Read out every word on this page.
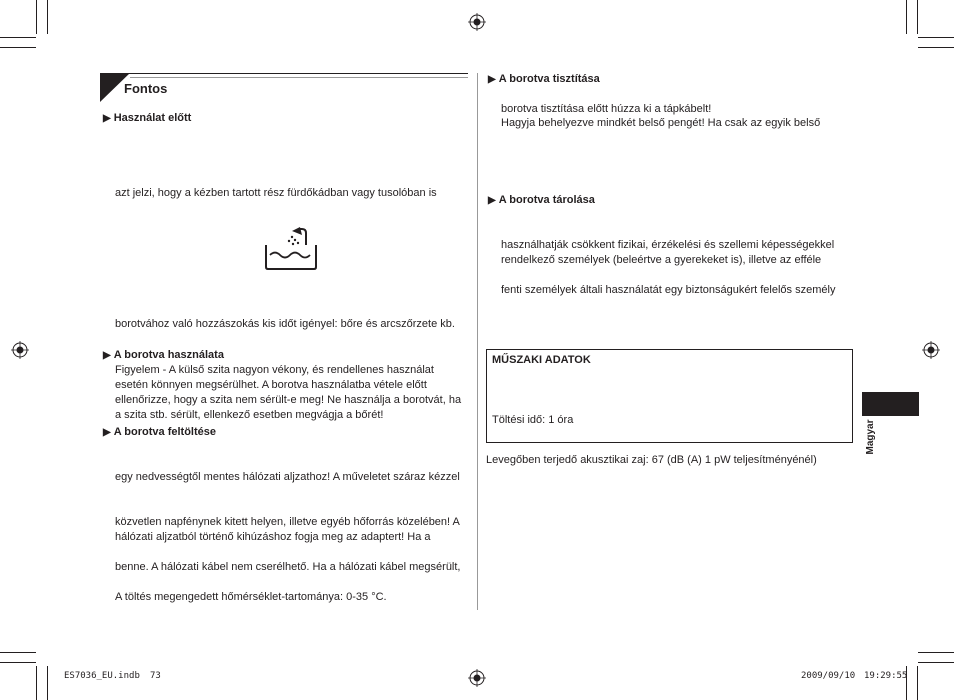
Fontos
▶ Használat előtt
azt jelzi, hogy a kézben tartott rész fürdőkádban vagy tusolóban is
borotvához való hozzászokás kis időt igényel: bőre és arcszőrzete kb.
▶ A borotva használata
Figyelem - A külső szita nagyon vékony, és rendellenes használat
esetén könnyen megsérülhet. A borotva használatba vétele előtt
ellenőrizze, hogy a szita nem sérült-e meg! Ne használja a borotvát, ha
a szita stb. sérült, ellenkező esetben megvágja a bőrét!
▶ A borotva feltöltése
egy nedvességtől mentes hálózati aljzathoz! A műveletet száraz kézzel
közvetlen napfénynek kitett helyen, illetve egyéb hőforrás közelében! A
hálózati aljzatból történő kihúzáshoz fogja meg az adaptert! Ha a
benne. A hálózati kábel nem cserélhető. Ha a hálózati kábel megsérült,
A töltés megengedett hőmérséklet-tartománya: 0-35 °C.
▶ A borotva tisztítása
borotva tisztítása előtt húzza ki a tápkábelt!
Hagyja behelyezve mindkét belső pengét! Ha csak az egyik belső
▶ A borotva tárolása
használhatják csökkent fizikai, érzékelési és szellemi képességekkel
rendelkező személyek (beleértve a gyerekeket is), illetve az efféle
fenti személyek általi használatát egy biztonságukért felelős személy
MŰSZAKI ADATOK
Töltési idő: 1 óra
Levegőben terjedő akusztikai zaj: 67 (dB (A) 1 pW teljesítményénél)
Magyar
ES7036_EU.indb 73	2009/09/10 19:29:55
